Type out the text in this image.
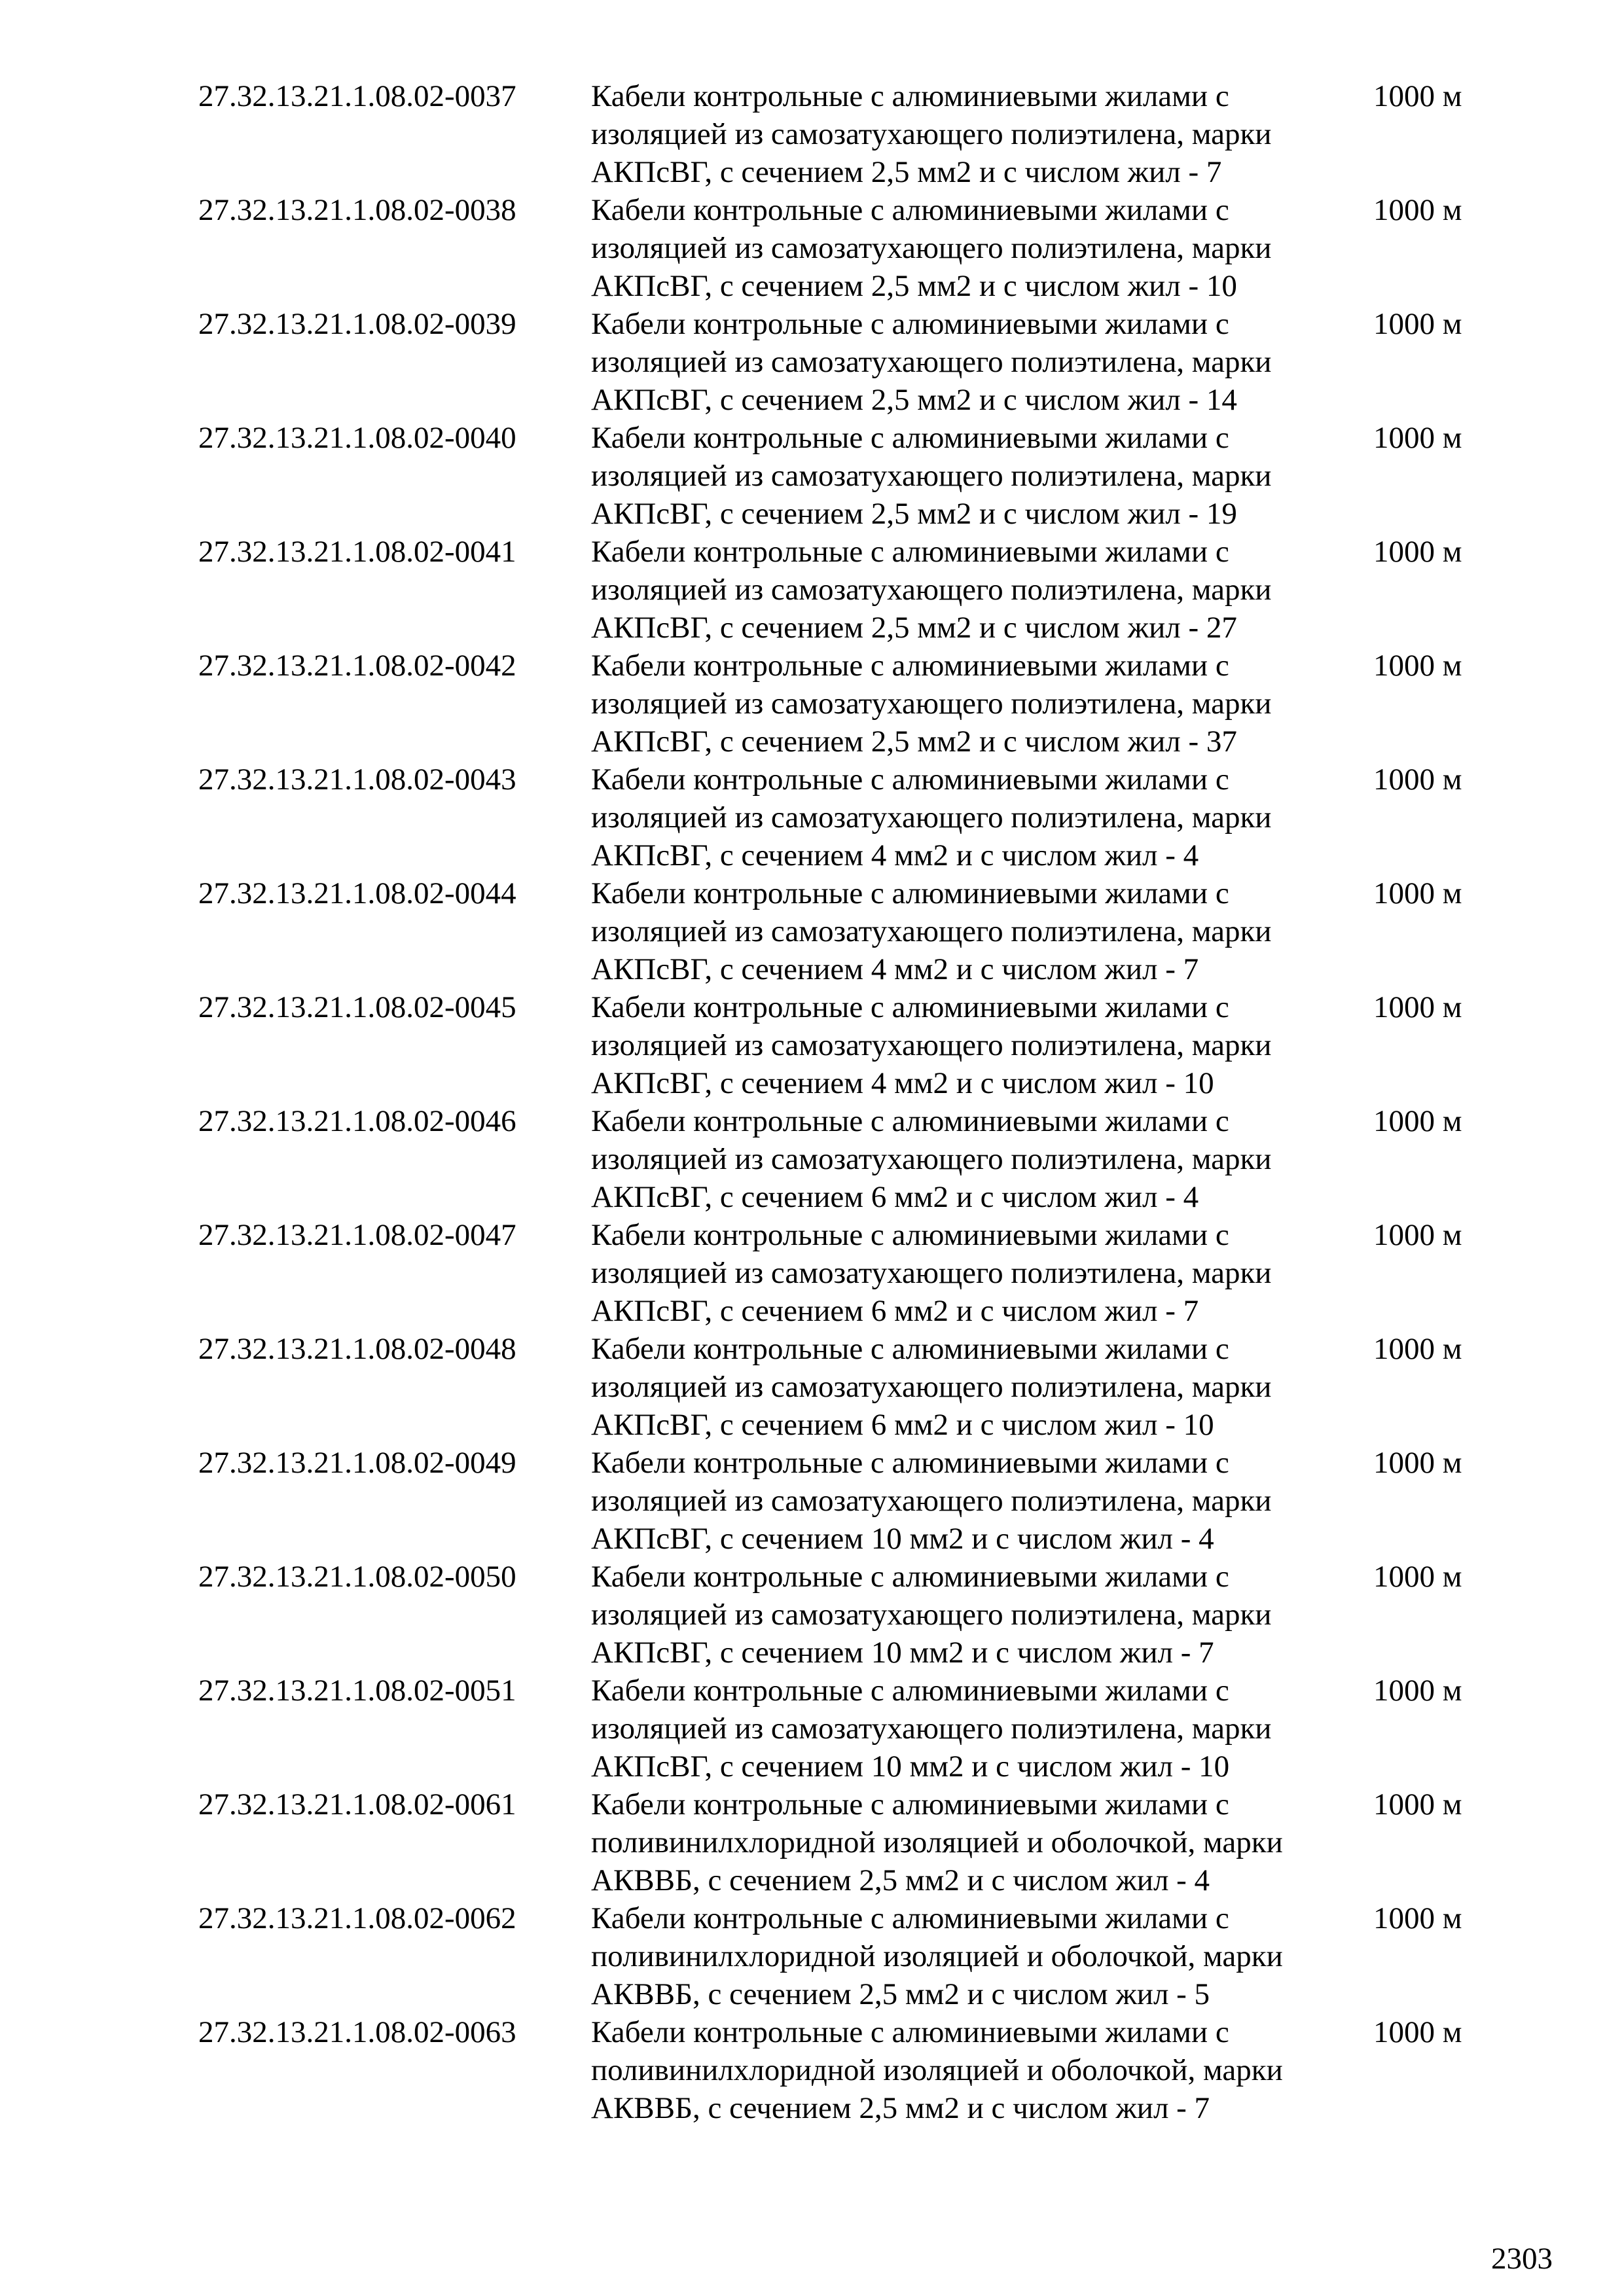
27.32.13.21.1.08.02-0037 Кабели контрольные с алюминиевыми жилами с
изоляцией из самозатухающего полиэтилена, марки
АКПсВГ, с сечением 2,5 мм2 и с числом жил - 7
1000 м
27.32.13.21.1.08.02-0038 Кабели контрольные с алюминиевыми жилами с
изоляцией из самозатухающего полиэтилена, марки
АКПсВГ, с сечением 2,5 мм2 и с числом жил - 10
1000 м
27.32.13.21.1.08.02-0039 Кабели контрольные с алюминиевыми жилами с
изоляцией из самозатухающего полиэтилена, марки
АКПсВГ, с сечением 2,5 мм2 и с числом жил - 14
1000 м
27.32.13.21.1.08.02-0040 Кабели контрольные с алюминиевыми жилами с
изоляцией из самозатухающего полиэтилена, марки
АКПсВГ, с сечением 2,5 мм2 и с числом жил - 19
1000 м
27.32.13.21.1.08.02-0041 Кабели контрольные с алюминиевыми жилами с
изоляцией из самозатухающего полиэтилена, марки
АКПсВГ, с сечением 2,5 мм2 и с числом жил - 27
1000 м
27.32.13.21.1.08.02-0042 Кабели контрольные с алюминиевыми жилами с
изоляцией из самозатухающего полиэтилена, марки
АКПсВГ, с сечением 2,5 мм2 и с числом жил - 37
1000 м
27.32.13.21.1.08.02-0043 Кабели контрольные с алюминиевыми жилами с
изоляцией из самозатухающего полиэтилена, марки
АКПсВГ, с сечением 4 мм2 и с числом жил - 4
1000 м
27.32.13.21.1.08.02-0044 Кабели контрольные с алюминиевыми жилами с
изоляцией из самозатухающего полиэтилена, марки
АКПсВГ, с сечением 4 мм2 и с числом жил - 7
1000 м
27.32.13.21.1.08.02-0045 Кабели контрольные с алюминиевыми жилами с
изоляцией из самозатухающего полиэтилена, марки
АКПсВГ, с сечением 4 мм2 и с числом жил - 10
1000 м
27.32.13.21.1.08.02-0046 Кабели контрольные с алюминиевыми жилами с
изоляцией из самозатухающего полиэтилена, марки
АКПсВГ, с сечением 6 мм2 и с числом жил - 4
1000 м
27.32.13.21.1.08.02-0047 Кабели контрольные с алюминиевыми жилами с
изоляцией из самозатухающего полиэтилена, марки
АКПсВГ, с сечением 6 мм2 и с числом жил - 7
1000 м
27.32.13.21.1.08.02-0048 Кабели контрольные с алюминиевыми жилами с
изоляцией из самозатухающего полиэтилена, марки
АКПсВГ, с сечением 6 мм2 и с числом жил - 10
1000 м
27.32.13.21.1.08.02-0049 Кабели контрольные с алюминиевыми жилами с
изоляцией из самозатухающего полиэтилена, марки
АКПсВГ, с сечением 10 мм2 и с числом жил - 4
1000 м
27.32.13.21.1.08.02-0050 Кабели контрольные с алюминиевыми жилами с
изоляцией из самозатухающего полиэтилена, марки
АКПсВГ, с сечением 10 мм2 и с числом жил - 7
1000 м
27.32.13.21.1.08.02-0051 Кабели контрольные с алюминиевыми жилами с
изоляцией из самозатухающего полиэтилена, марки
АКПсВГ, с сечением 10 мм2 и с числом жил - 10
1000 м
27.32.13.21.1.08.02-0061 Кабели контрольные с алюминиевыми жилами с
поливинилхлоридной изоляцией и оболочкой, марки
АКВВБ, с сечением 2,5 мм2 и с числом жил - 4
1000 м
27.32.13.21.1.08.02-0062 Кабели контрольные с алюминиевыми жилами с
поливинилхлоридной изоляцией и оболочкой, марки
АКВВБ, с сечением 2,5 мм2 и с числом жил - 5
1000 м
27.32.13.21.1.08.02-0063 Кабели контрольные с алюминиевыми жилами с
поливинилхлоридной изоляцией и оболочкой, марки
АКВВБ, с сечением 2,5 мм2 и с числом жил - 7
1000 м
2303
